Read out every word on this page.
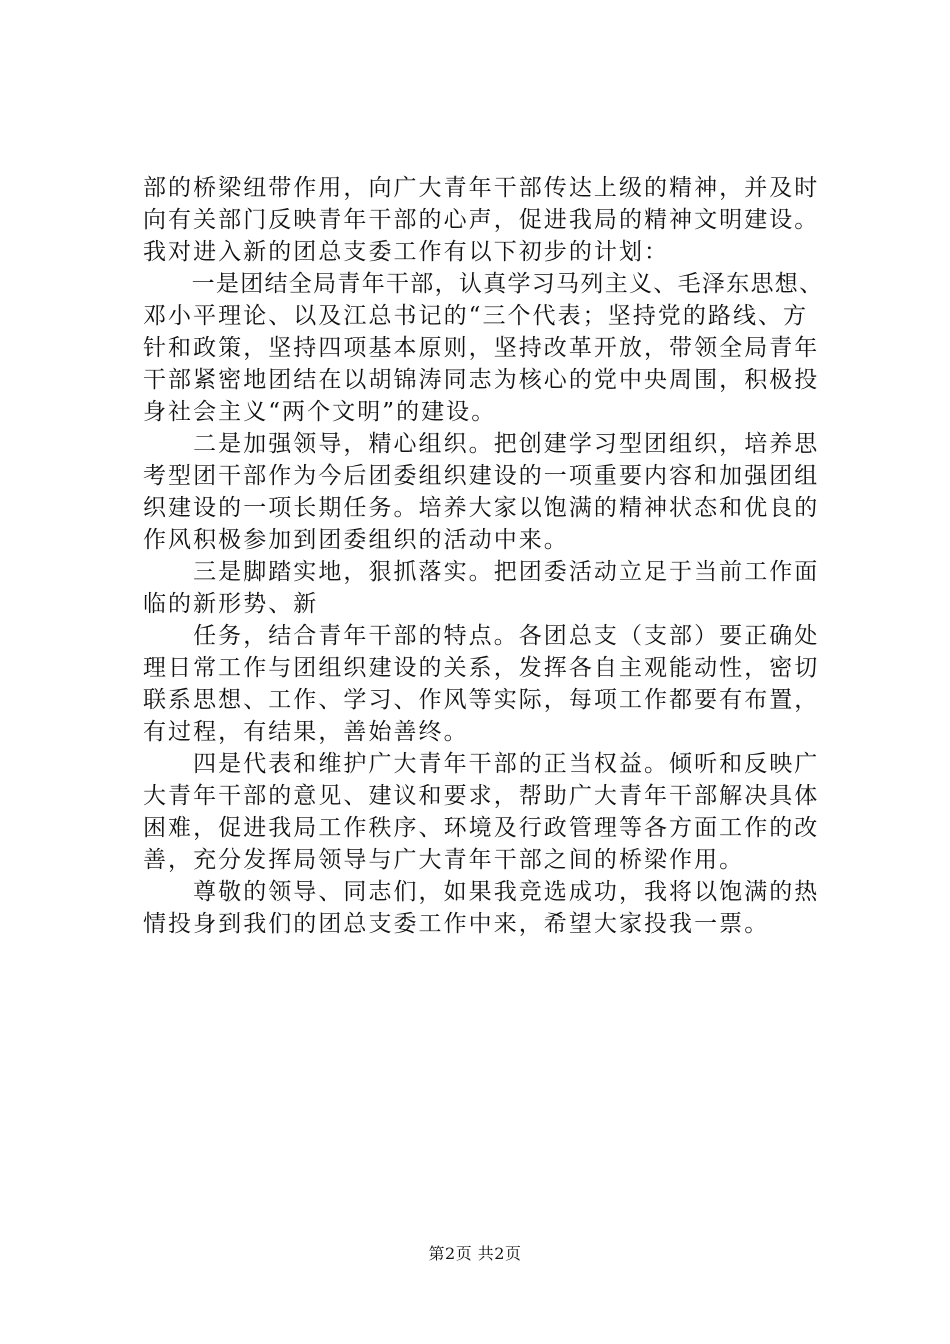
部的桥梁纽带作用，向广大青年干部传达上级的精神，并及时
向有关部门反映青年干部的心声，促进我局的精神文明建设。
我对进入新的团总支委工作有以下初步的计划：
　　一是团结全局青年干部，认真学习马列主义、毛泽东思想、
邓小平理论、以及江总书记的“三个代表；坚持党的路线、方
针和政策，坚持四项基本原则，坚持改革开放，带领全局青年
干部紧密地团结在以胡锦涛同志为核心的党中央周围，积极投
身社会主义“两个文明”的建设。
　　二是加强领导，精心组织。把创建学习型团组织，培养思
考型团干部作为今后团委组织建设的一项重要内容和加强团组
织建设的一项长期任务。培养大家以饱满的精神状态和优良的
作风积极参加到团委组织的活动中来。
　　三是脚踏实地，狠抓落实。把团委活动立足于当前工作面
临的新形势、新
　　任务，结合青年干部的特点。各团总支（支部）要正确处
理日常工作与团组织建设的关系，发挥各自主观能动性，密切
联系思想、工作、学习、作风等实际，每项工作都要有布置，
有过程，有结果，善始善终。
　　四是代表和维护广大青年干部的正当权益。倾听和反映广
大青年干部的意见、建议和要求，帮助广大青年干部解决具体
困难，促进我局工作秩序、环境及行政管理等各方面工作的改
善，充分发挥局领导与广大青年干部之间的桥梁作用。
　　尊敬的领导、同志们，如果我竞选成功，我将以饱满的热
情投身到我们的团总支委工作中来，希望大家投我一票。
第2页 共2页
